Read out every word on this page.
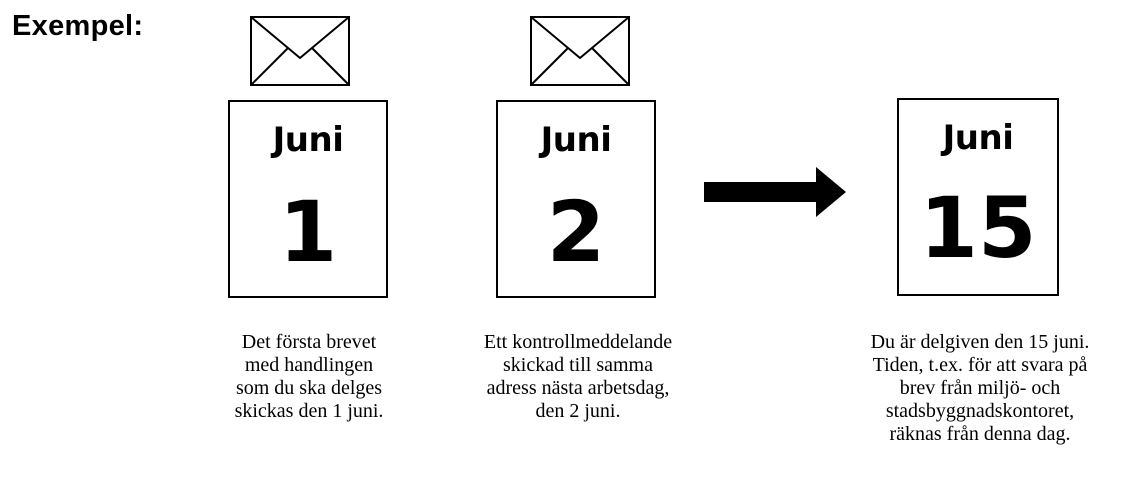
Exempel:
Juni
1
Det första brevet
med handlingen
som du ska delges
skickas den 1 juni.
Juni
2
Ett kontrollmeddelande
skickad till samma
adress nästa arbetsdag,
den 2 juni.
Juni
15
Du är delgiven den 15 juni.
Tiden, t.ex. för att svara på
brev från miljö- och
stadsbyggnadskontoret,
räknas från denna dag.
